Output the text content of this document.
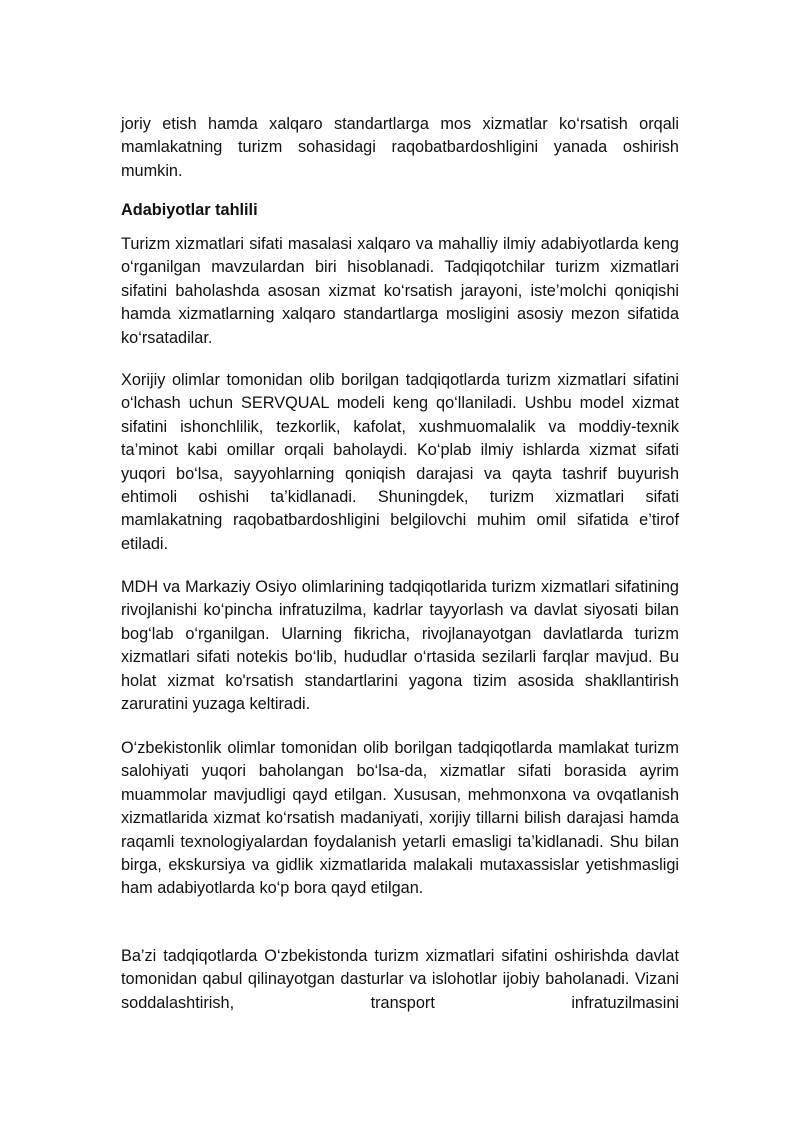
joriy etish hamda xalqaro standartlarga mos xizmatlar ko‘rsatish orqali mamlakatning turizm sohasidagi raqobatbardoshligini yanada oshirish mumkin.

Adabiyotlar tahlili

Turizm xizmatlari sifati masalasi xalqaro va mahalliy ilmiy adabiyotlarda keng o‘rganilgan mavzulardan biri hisoblanadi. Tadqiqotchilar turizm xizmatlari sifatini baholashda asosan xizmat ko‘rsatish jarayoni, iste’molchi qoniqishi hamda xizmatlarning xalqaro standartlarga mosligini asosiy mezon sifatida ko‘rsatadilar.

Xorijiy olimlar tomonidan olib borilgan tadqiqotlarda turizm xizmatlari sifatini o‘lchash uchun SERVQUAL modeli keng qo‘llaniladi. Ushbu model xizmat sifatini ishonchlilik, tezkorlik, kafolat, xushmuomalalik va moddiy-texnik ta’minot kabi omillar orqali baholaydi. Ko‘plab ilmiy ishlarda xizmat sifati yuqori bo‘lsa, sayyohlarning qoniqish darajasi va qayta tashrif buyurish ehtimoli oshishi ta’kidlanadi. Shuningdek, turizm xizmatlari sifati mamlakatning raqobatbardoshligini belgilovchi muhim omil sifatida e’tirof etiladi.

MDH va Markaziy Osiyo olimlarining tadqiqotlarida turizm xizmatlari sifatining rivojlanishi ko‘pincha infratuzilma, kadrlar tayyorlash va davlat siyosati bilan bog‘lab o‘rganilgan. Ularning fikricha, rivojlanayotgan davlatlarda turizm xizmatlari sifati notekis bo‘lib, hududlar o‘rtasida sezilarli farqlar mavjud. Bu holat xizmat ko'rsatish standartlarini yagona tizim asosida shakllantirish zaruratini yuzaga keltiradi.

O‘zbekistonlik olimlar tomonidan olib borilgan tadqiqotlarda mamlakat turizm salohiyati yuqori baholangan bo‘lsa-da, xizmatlar sifati borasida ayrim muammolar mavjudligi qayd etilgan. Xususan, mehmonxona va ovqatlanish xizmatlarida xizmat ko‘rsatish madaniyati, xorijiy tillarni bilish darajasi hamda raqamli texnologiyalardan foydalanish yetarli emasligi ta’kidlanadi. Shu bilan birga, ekskursiya va gidlik xizmatlarida malakali mutaxassislar yetishmasligi ham adabiyotlarda ko‘p bora qayd etilgan.

Ba’zi tadqiqotlarda O‘zbekistonda turizm xizmatlari sifatini oshirishda davlat tomonidan qabul qilinayotgan dasturlar va islohotlar ijobiy baholanadi. Vizani soddalashtirish, transport infratuzilmasini
